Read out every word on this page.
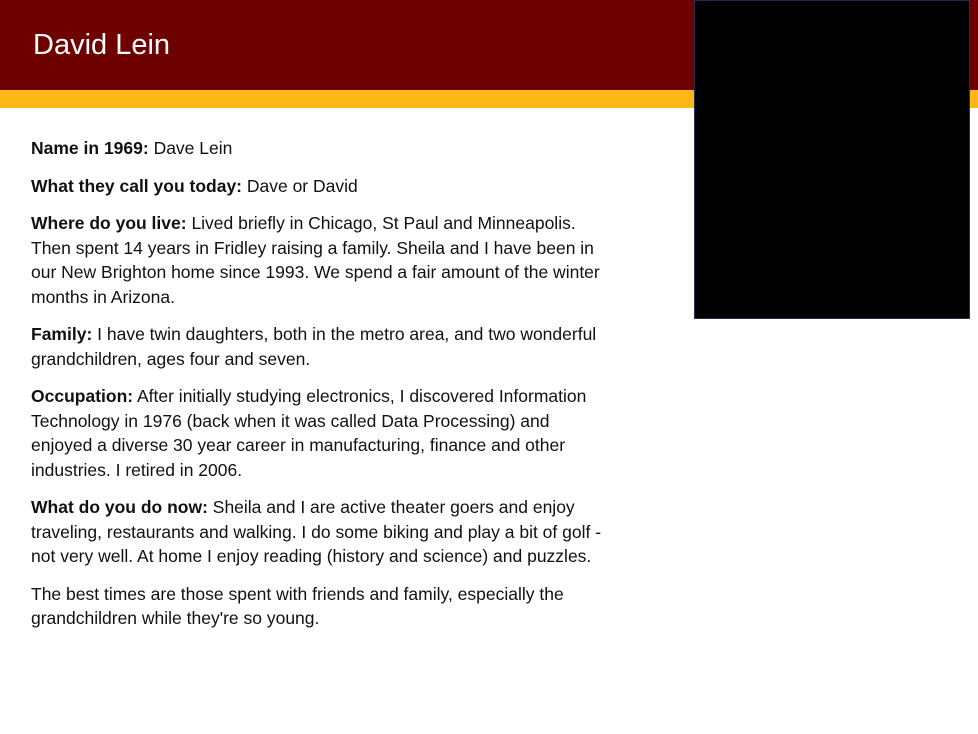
David Lein

Name in 1969: Dave Lein

What they call you today: Dave or David

Where do you live: Lived briefly in Chicago, St Paul and Minneapolis. Then spent 14 years in Fridley raising a family. Sheila and I have been in our New Brighton home since 1993. We spend a fair amount of the winter months in Arizona.

Family: I have twin daughters, both in the metro area, and two wonderful grandchildren, ages four and seven.

Occupation: After initially studying electronics, I discovered Information Technology in 1976 (back when it was called Data Processing) and enjoyed a diverse 30 year career in manufacturing, finance and other industries. I retired in 2006.

What do you do now: Sheila and I are active theater goers and enjoy traveling, restaurants and walking. I do some biking and play a bit of golf - not very well. At home I enjoy reading (history and science) and puzzles.

The best times are those spent with friends and family, especially the grandchildren while they're so young.
